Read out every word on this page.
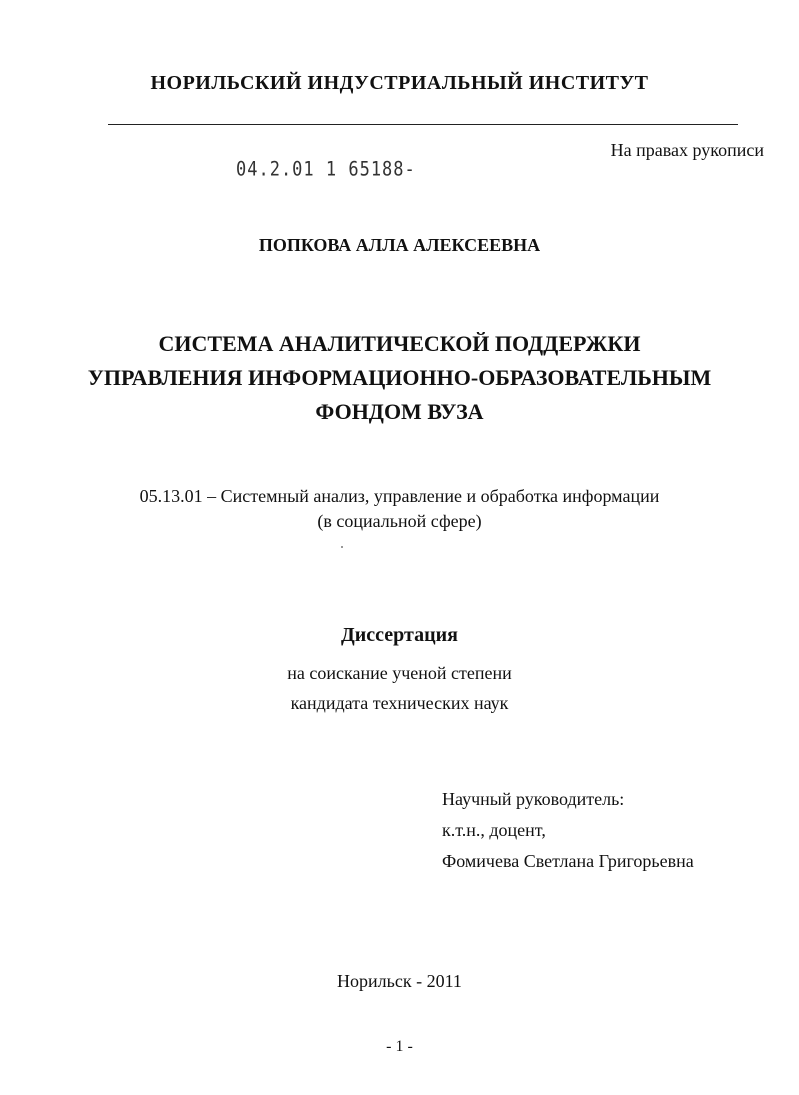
НОРИЛЬСКИЙ ИНДУСТРИАЛЬНЫЙ ИНСТИТУТ
На правах рукописи
04.2.01 1 65188-
ПОПКОВА АЛЛА АЛЕКСЕЕВНА
СИСТЕМА АНАЛИТИЧЕСКОЙ ПОДДЕРЖКИ
УПРАВЛЕНИЯ ИНФОРМАЦИОННО-ОБРАЗОВАТЕЛЬНЫМ
ФОНДОМ ВУЗА
05.13.01 – Системный анализ, управление и обработка информации
(в социальной сфере)
Диссертация
на соискание ученой степени
кандидата технических наук
Научный руководитель:
к.т.н., доцент,
Фомичева Светлана Григорьевна
Норильск - 2011
- 1 -
